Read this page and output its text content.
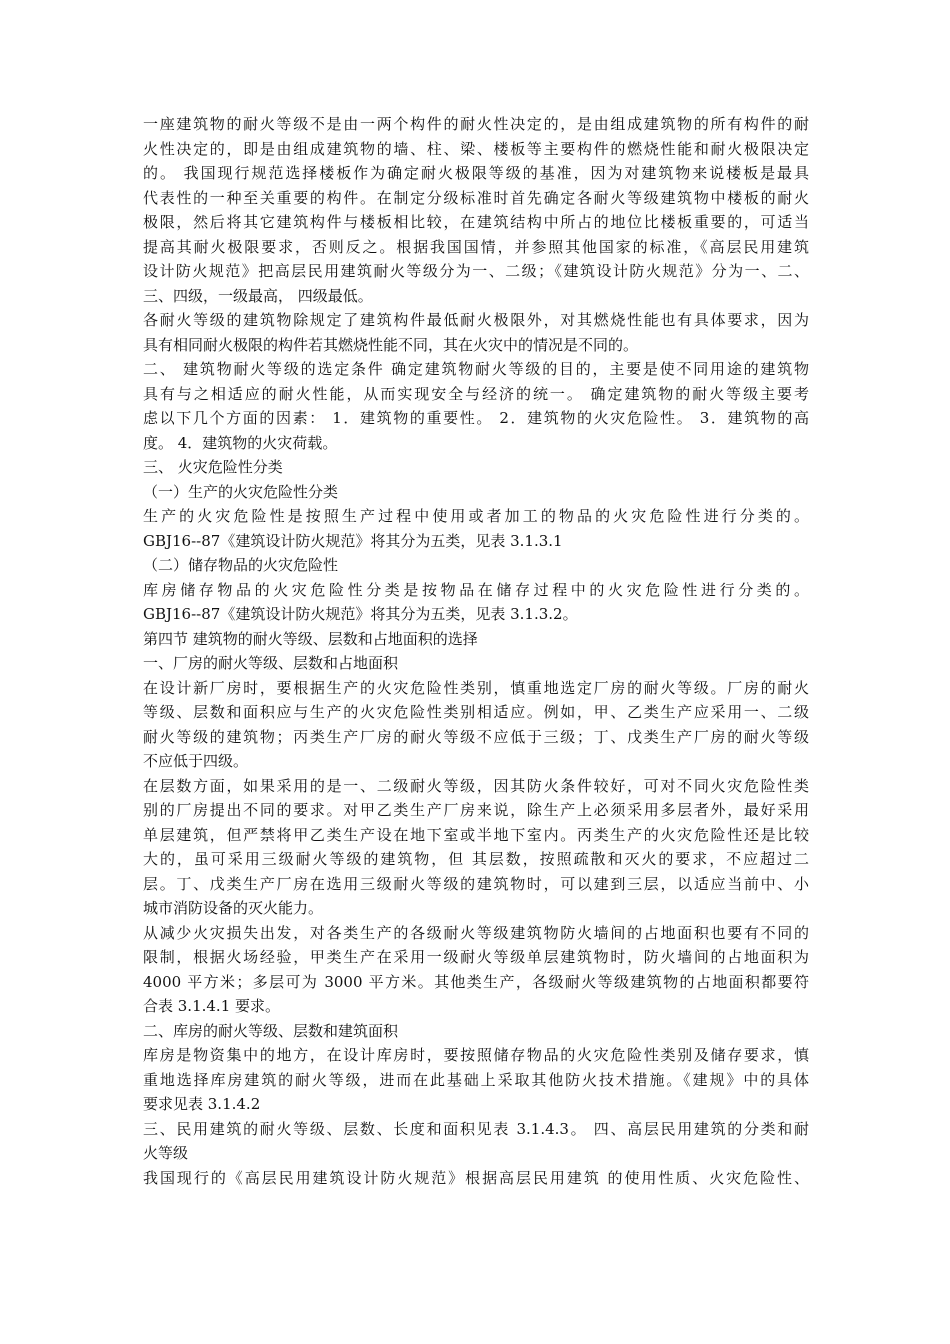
一座建筑物的耐火等级不是由一两个构件的耐火性决定的，是由组成建筑物的所有构件的耐
火性决定的，即是由组成建筑物的墙、柱、梁、楼板等主要构件的燃烧性能和耐火极限决定
的。 我国现行规范选择楼板作为确定耐火极限等级的基准，因为对建筑物来说楼板是最具
代表性的一种至关重要的构件。在制定分级标准时首先确定各耐火等级建筑物中楼板的耐火
极限，然后将其它建筑构件与楼板相比较，在建筑结构中所占的地位比楼板重要的，可适当
提高其耐火极限要求，否则反之。根据我国国情，并参照其他国家的标准，《高层民用建筑
设计防火规范》把高层民用建筑耐火等级分为一、二级；《建筑设计防火规范》分为一、二、
三、四级，一级最高， 四级最低。
各耐火等级的建筑物除规定了建筑构件最低耐火极限外，对其燃烧性能也有具体要求，因为
具有相同耐火极限的构件若其燃烧性能不同，其在火灾中的情况是不同的。
二、 建筑物耐火等级的选定条件 确定建筑物耐火等级的目的，主要是使不同用途的建筑物
具有与之相适应的耐火性能，从而实现安全与经济的统一。 确定建筑物的耐火等级主要考
虑以下几个方面的因素： 1．建筑物的重要性。 2．建筑物的火灾危险性。 3．建筑物的高
度。 4．建筑物的火灾荷载。
三、 火灾危险性分类
（一）生产的火灾危险性分类
生产的火灾危险性是按照生产过程中使用或者加工的物品的火灾危险性进行分类的。
GBJ16--87《建筑设计防火规范》将其分为五类，见表 3.1.3.1
（二）储存物品的火灾危险性
库房储存物品的火灾危险性分类是按物品在储存过程中的火灾危险性进行分类的。
GBJ16--87《建筑设计防火规范》将其分为五类，见表 3.1.3.2。
第四节 建筑物的耐火等级、层数和占地面积的选择
一、厂房的耐火等级、层数和占地面积
在设计新厂房时，要根据生产的火灾危险性类别，慎重地选定厂房的耐火等级。厂房的耐火
等级、层数和面积应与生产的火灾危险性类别相适应。例如，甲、乙类生产应采用一、二级
耐火等级的建筑物；丙类生产厂房的耐火等级不应低于三级；丁、戊类生产厂房的耐火等级
不应低于四级。
在层数方面，如果采用的是一、二级耐火等级，因其防火条件较好，可对不同火灾危险性类
别的厂房提出不同的要求。对甲乙类生产厂房来说，除生产上必须采用多层者外，最好采用
单层建筑，但严禁将甲乙类生产设在地下室或半地下室内。丙类生产的火灾危险性还是比较
大的，虽可采用三级耐火等级的建筑物，但 其层数，按照疏散和灭火的要求，不应超过二
层。丁、戊类生产厂房在选用三级耐火等级的建筑物时，可以建到三层，以适应当前中、小
城市消防设备的灭火能力。
从减少火灾损失出发，对各类生产的各级耐火等级建筑物防火墙间的占地面积也要有不同的
限制，根据火场经验，甲类生产在采用一级耐火等级单层建筑物时，防火墙间的占地面积为
4000 平方米；多层可为 3000 平方米。其他类生产，各级耐火等级建筑物的占地面积都要符
合表 3.1.4.1 要求。
二、库房的耐火等级、层数和建筑面积
库房是物资集中的地方，在设计库房时，要按照储存物品的火灾危险性类别及储存要求，慎
重地选择库房建筑的耐火等级，进而在此基础上采取其他防火技术措施。《建规》中的具体
要求见表 3.1.4.2
三、民用建筑的耐火等级、层数、长度和面积见表 3.1.4.3。 四、高层民用建筑的分类和耐
火等级
我国现行的《高层民用建筑设计防火规范》根据高层民用建筑 的使用性质、火灾危险性、
